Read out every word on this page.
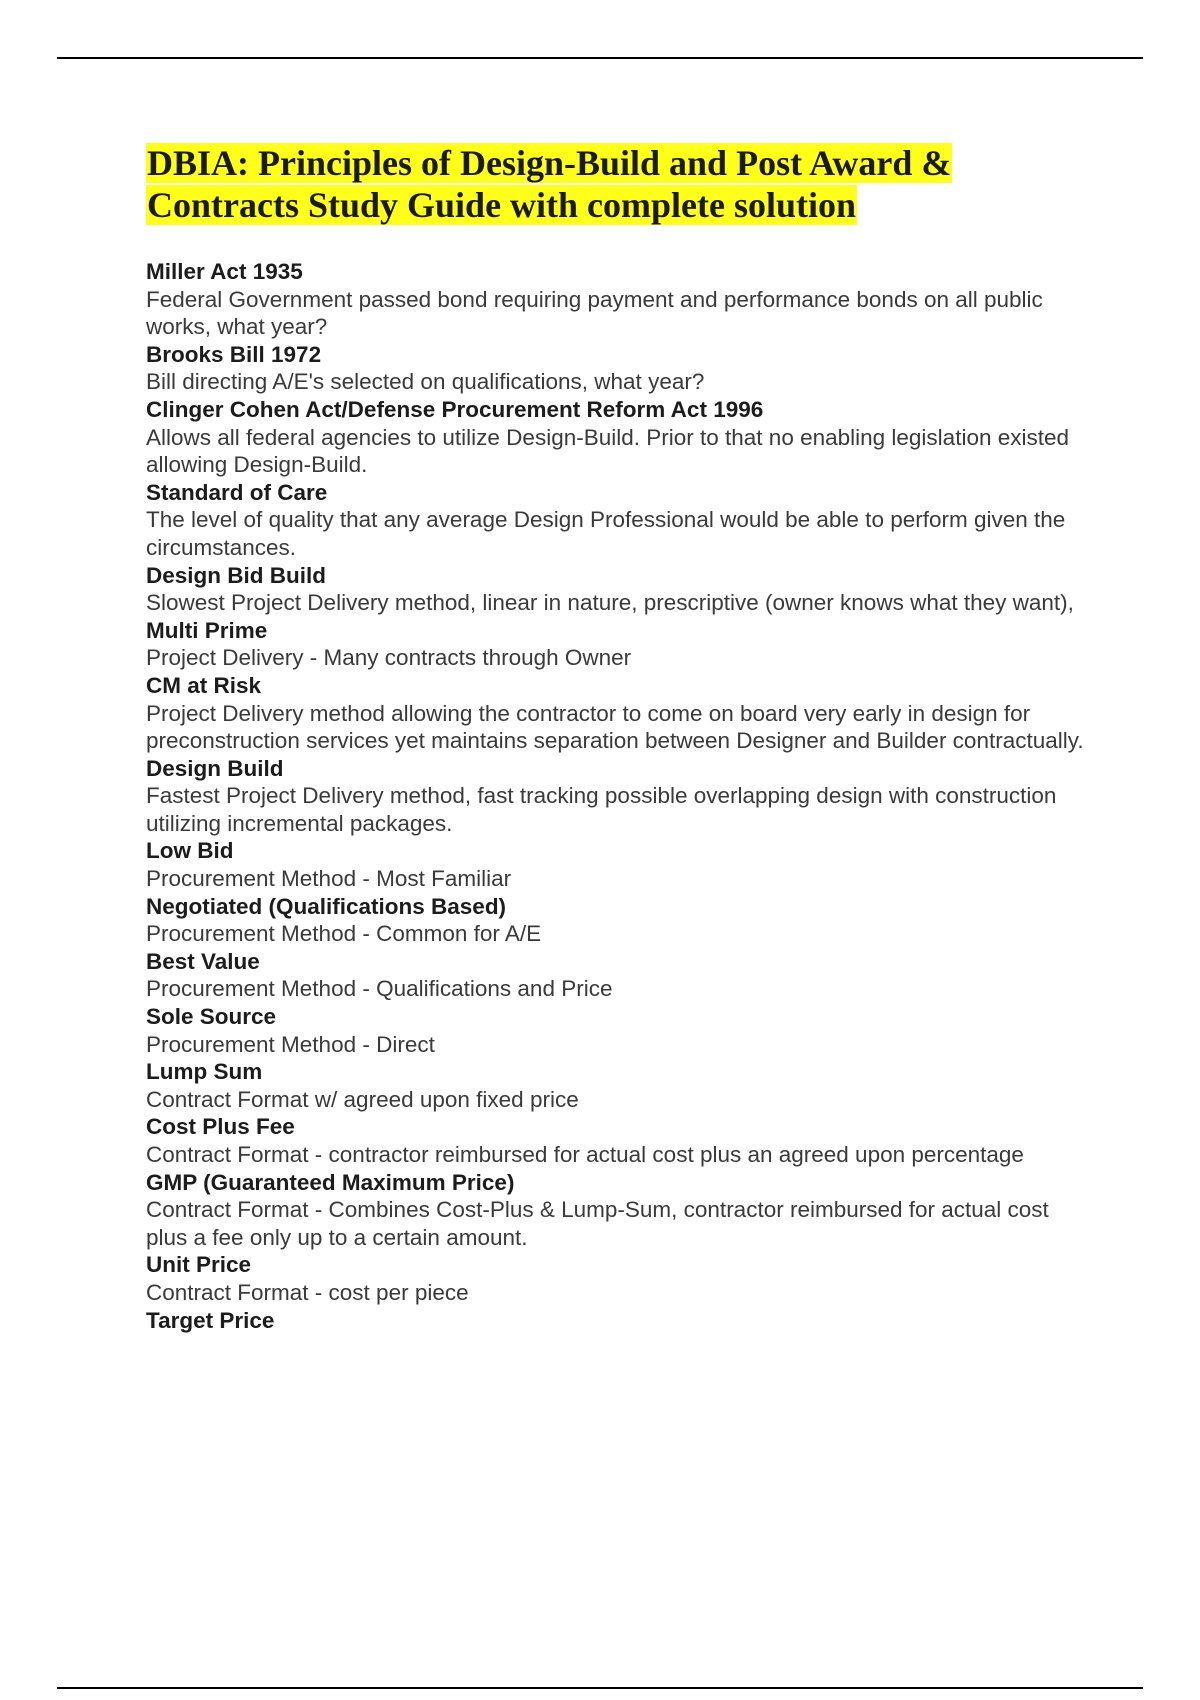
DBIA: Principles of Design-Build and Post Award &
Contracts Study Guide with complete solution

Miller Act 1935

Federal Government passed bond requiring payment and performance bonds on all public works, what year?

Brooks Bill 1972

Bill directing A/E's selected on qualifications, what year?

Clinger Cohen Act/Defense Procurement Reform Act 1996

Allows all federal agencies to utilize Design-Build. Prior to that no enabling legislation existed allowing Design-Build.

Standard of Care

The level of quality that any average Design Professional would be able to perform given the circumstances.

Design Bid Build

Slowest Project Delivery method, linear in nature, prescriptive (owner knows what they want),

Multi Prime

Project Delivery - Many contracts through Owner

CM at Risk

Project Delivery method allowing the contractor to come on board very early in design for preconstruction services yet maintains separation between Designer and Builder contractually.

Design Build

Fastest Project Delivery method, fast tracking possible overlapping design with construction utilizing incremental packages.

Low Bid

Procurement Method - Most Familiar

Negotiated (Qualifications Based)

Procurement Method - Common for A/E

Best Value

Procurement Method - Qualifications and Price

Sole Source

Procurement Method - Direct

Lump Sum

Contract Format w/ agreed upon fixed price

Cost Plus Fee

Contract Format - contractor reimbursed for actual cost plus an agreed upon percentage

GMP (Guaranteed Maximum Price)

Contract Format - Combines Cost-Plus & Lump-Sum, contractor reimbursed for actual cost plus a fee only up to a certain amount.

Unit Price

Contract Format - cost per piece

Target Price
